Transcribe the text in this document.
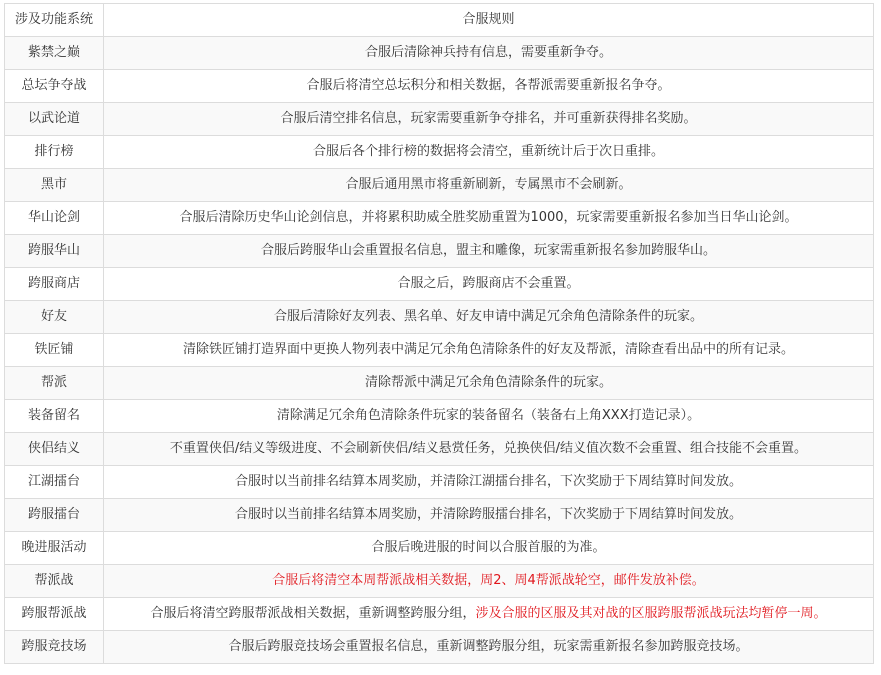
涉及功能系统	合服规则
紫禁之巅	合服后清除神兵持有信息，需要重新争夺。
总坛争夺战	合服后将清空总坛积分和相关数据，各帮派需要重新报名争夺。
以武论道	合服后清空排名信息，玩家需要重新争夺排名，并可重新获得排名奖励。
排行榜	合服后各个排行榜的数据将会清空，重新统计后于次日重排。
黑市	合服后通用黑市将重新刷新，专属黑市不会刷新。
华山论剑	合服后清除历史华山论剑信息，并将累积助威全胜奖励重置为1000，玩家需要重新报名参加当日华山论剑。
跨服华山	合服后跨服华山会重置报名信息，盟主和雕像，玩家需重新报名参加跨服华山。
跨服商店	合服之后，跨服商店不会重置。
好友	合服后清除好友列表、黑名单、好友申请中满足冗余角色清除条件的玩家。
铁匠铺	清除铁匠铺打造界面中更换人物列表中满足冗余角色清除条件的好友及帮派，清除查看出品中的所有记录。
帮派	清除帮派中满足冗余角色清除条件的玩家。
装备留名	清除满足冗余角色清除条件玩家的装备留名（装备右上角XXX打造记录）。
侠侣结义	不重置侠侣/结义等级进度、不会刷新侠侣/结义悬赏任务，兑换侠侣/结义值次数不会重置、组合技能不会重置。
江湖擂台	合服时以当前排名结算本周奖励，并清除江湖擂台排名，下次奖励于下周结算时间发放。
跨服擂台	合服时以当前排名结算本周奖励，并清除跨服擂台排名，下次奖励于下周结算时间发放。
晚进服活动	合服后晚进服的时间以合服首服的为准。
帮派战	合服后将清空本周帮派战相关数据，周2、周4帮派战轮空，邮件发放补偿。
跨服帮派战	合服后将清空跨服帮派战相关数据，重新调整跨服分组，涉及合服的区服及其对战的区服跨服帮派战玩法均暂停一周。
跨服竞技场	合服后跨服竞技场会重置报名信息，重新调整跨服分组，玩家需重新报名参加跨服竞技场。
